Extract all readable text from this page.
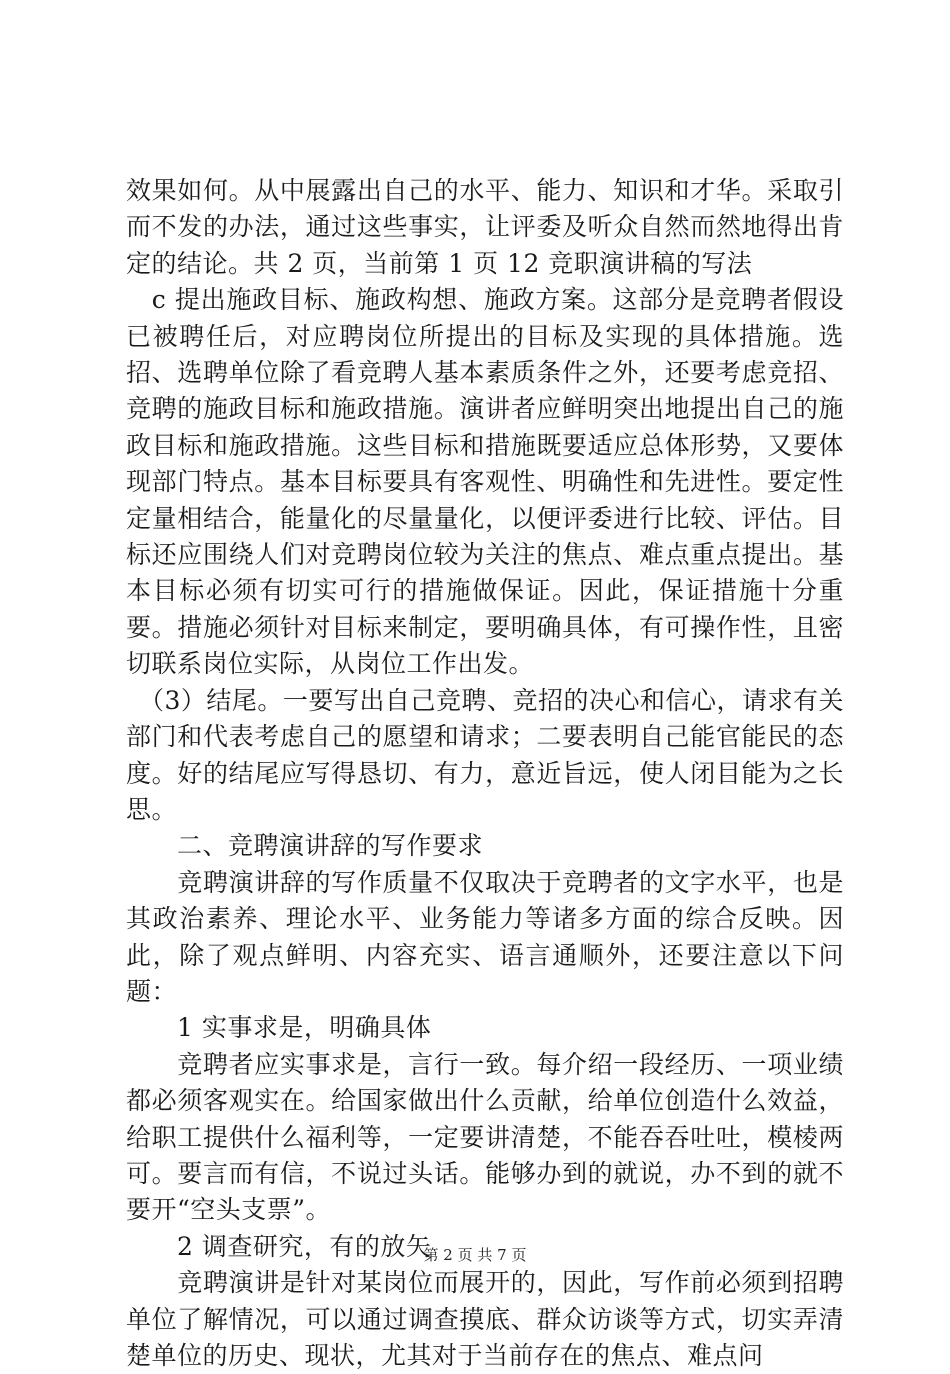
效果如何。从中展露出自己的水平、能力、知识和才华。采取引而不发的办法，通过这些事实，让评委及听众自然而然地得出肯定的结论。共 2 页，当前第 1 页 12 竞职演讲稿的写法

　c 提出施政目标、施政构想、施政方案。这部分是竞聘者假设已被聘任后，对应聘岗位所提出的目标及实现的具体措施。选招、选聘单位除了看竞聘人基本素质条件之外，还要考虑竞招、竞聘的施政目标和施政措施。演讲者应鲜明突出地提出自己的施政目标和施政措施。这些目标和措施既要适应总体形势，又要体现部门特点。基本目标要具有客观性、明确性和先进性。要定性定量相结合，能量化的尽量量化，以便评委进行比较、评估。目标还应围绕人们对竞聘岗位较为关注的焦点、难点重点提出。基本目标必须有切实可行的措施做保证。因此，保证措施十分重要。措施必须针对目标来制定，要明确具体，有可操作性，且密切联系岗位实际，从岗位工作出发。

　（3）结尾。一要写出自己竞聘、竞招的决心和信心，请求有关部门和代表考虑自己的愿望和请求；二要表明自己能官能民的态度。好的结尾应写得恳切、有力，意近旨远，使人闭目能为之长思。

　　二、竞聘演讲辞的写作要求

　　竞聘演讲辞的写作质量不仅取决于竞聘者的文字水平，也是其政治素养、理论水平、业务能力等诸多方面的综合反映。因此，除了观点鲜明、内容充实、语言通顺外，还要注意以下问题：

　　1 实事求是，明确具体

　　竞聘者应实事求是，言行一致。每介绍一段经历、一项业绩都必须客观实在。给国家做出什么贡献，给单位创造什么效益，给职工提供什么福利等，一定要讲清楚，不能吞吞吐吐，模棱两可。要言而有信，不说过头话。能够办到的就说，办不到的就不要开“空头支票”。

　　2 调查研究，有的放矢

　　竞聘演讲是针对某岗位而展开的，因此，写作前必须到招聘单位了解情况，可以通过调查摸底、群众访谈等方式，切实弄清楚单位的历史、现状，尤其对于当前存在的焦点、难点问

第 2 页 共 7 页
